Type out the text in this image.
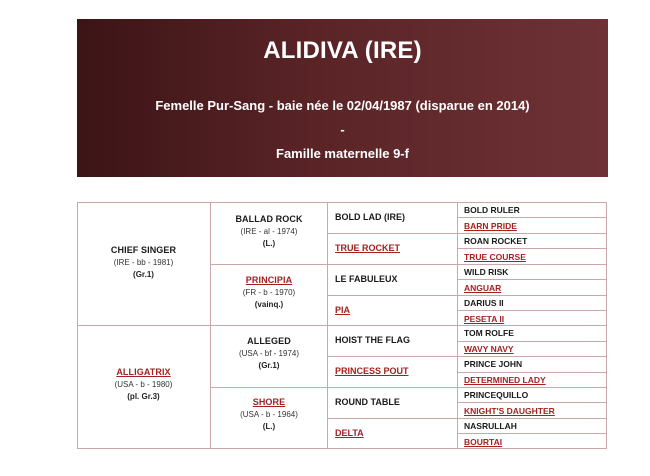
ALIDIVA (IRE)
Femelle Pur-Sang - baie née le 02/04/1987 (disparue en 2014)
-
Famille maternelle 9-f
CHIEF SINGER
(IRE - bb - 1981)
(Gr.1)
ALLIGATRIX
(USA - b - 1980)
(pl. Gr.3)
BALLAD ROCK
(IRE - al - 1974)
(L.)
PRINCIPIA
(FR - b - 1970)
(vainq.)
ALLEGED
(USA - bf - 1974)
(Gr.1)
SHORE
(USA - b - 1964)
(L.)
BOLD LAD (IRE)
TRUE ROCKET
LE FABULEUX
PIA
HOIST THE FLAG
PRINCESS POUT
ROUND TABLE
DELTA
BOLD RULER
BARN PRIDE
ROAN ROCKET
TRUE COURSE
WILD RISK
ANGUAR
DARIUS II
PESETA II
TOM ROLFE
WAVY NAVY
PRINCE JOHN
DETERMINED LADY
PRINCEQUILLO
KNIGHT'S DAUGHTER
NASRULLAH
BOURTAI
